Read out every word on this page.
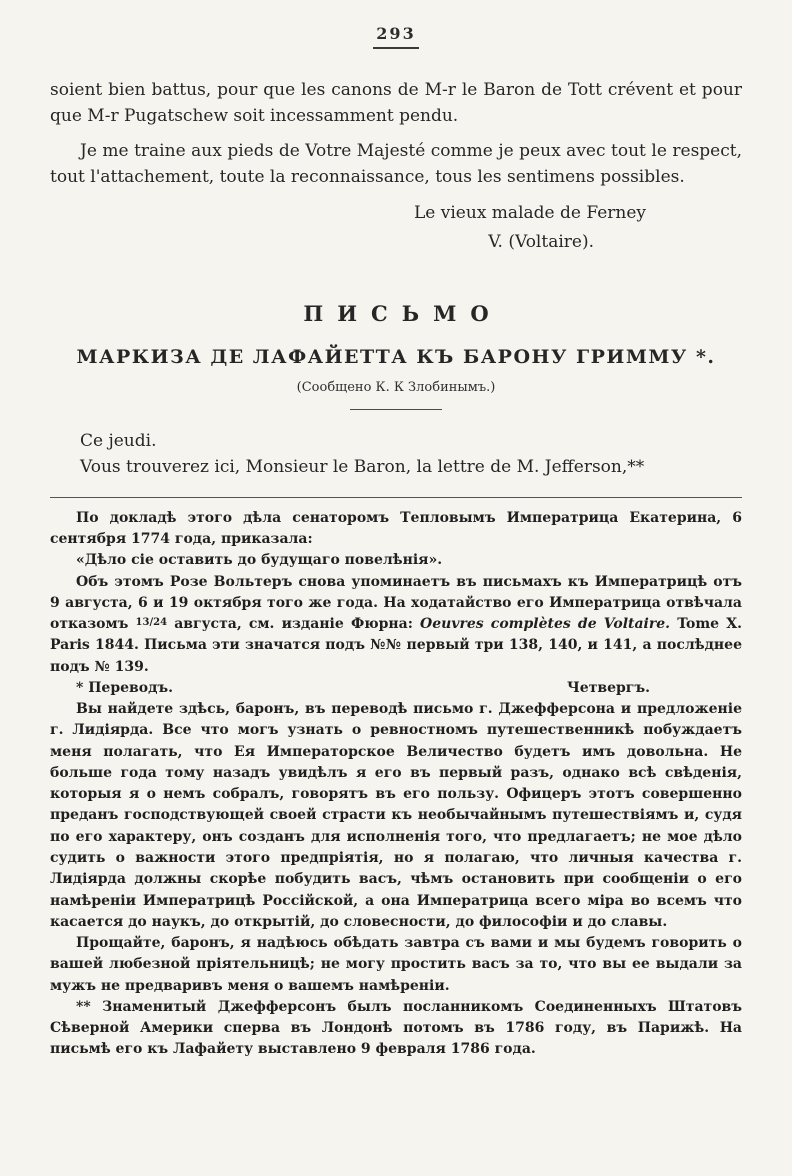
293

soient bien battus, pour que les canons de M-r le Baron de Tott crévent et pour que M-r Pugatschew soit incessamment pendu.

Je me traine aux pieds de Votre Majesté comme je peux avec tout le respect, tout l'attachement, toute la reconnaissance, tous les sentimens possibles.

Le vieux malade de Ferney

V. (Voltaire).

ПИСЬМО
МАРКИЗА ДЕ ЛАФАЙЕТТА КЪ БАРОНУ ГРИММУ *.
(Сообщено К. К Злобинымъ.)

Ce jeudi.

Vous trouverez ici, Monsieur le Baron, la lettre de M. Jefferson,**

По докладѣ этого дѣла сенаторомъ Тепловымъ Императрица Екатерина, 6 сентября 1774 года, приказала:

«Дѣло сіе оставить до будущаго повелѣнія».

Объ этомъ Розе Вольтеръ снова упоминаетъ въ письмахъ къ Императрицѣ отъ 9 августа, 6 и 19 октября того же года. На ходатайство его Императрица отвѣчала отказомъ $^{13/24}$ августа, см. изданіе Фюрна: Oeuvres complètes de Voltaire. Tome X. Paris 1844. Письма эти значатся подъ №№ первый три 138, 140, и 141, а послѣднее подъ № 139.

* Переводъ.	Четвергъ.

Вы найдете здѣсь, баронъ, въ переводѣ письмо г. Джефферсона и предложеніе г. Лидіярда. Все что могъ узнать о ревностномъ путешественникѣ побуждаетъ меня полагать, что Ея Императорское Величество будетъ имъ довольна. Не больше года тому назадъ увидѣлъ я его въ первый разъ, однако всѣ свѣденія, которыя я о немъ собралъ, говорятъ въ его пользу. Офицеръ этотъ совершенно преданъ господствующей своей страсти къ необычайнымъ путешествіямъ и, судя по его характеру, онъ созданъ для исполненія того, что предлагаетъ; не мое дѣло судить о важности этого предпріятія, но я полагаю, что личныя качества г. Лидіярда должны скорѣе побудить васъ, чѣмъ остановить при сообщеніи о его намѣреніи Императрицѣ Россійской, а она Императрица всего міра во всемъ что касается до наукъ, до открытій, до словесности, до философіи и до славы.

Прощайте, баронъ, я надѣюсь обѣдать завтра съ вами и мы будемъ говорить о вашей любезной пріятельницѣ; не могу простить васъ за то, что вы ее выдали за мужъ не предваривъ меня о вашемъ намѣреніи.

** Знаменитый Джефферсонъ былъ посланникомъ Соединенныхъ Штатовъ Сѣверной Америки сперва въ Лондонѣ потомъ въ 1786 году, въ Парижѣ. На письмѣ его къ Лафайету выставлено 9 февраля 1786 года.
